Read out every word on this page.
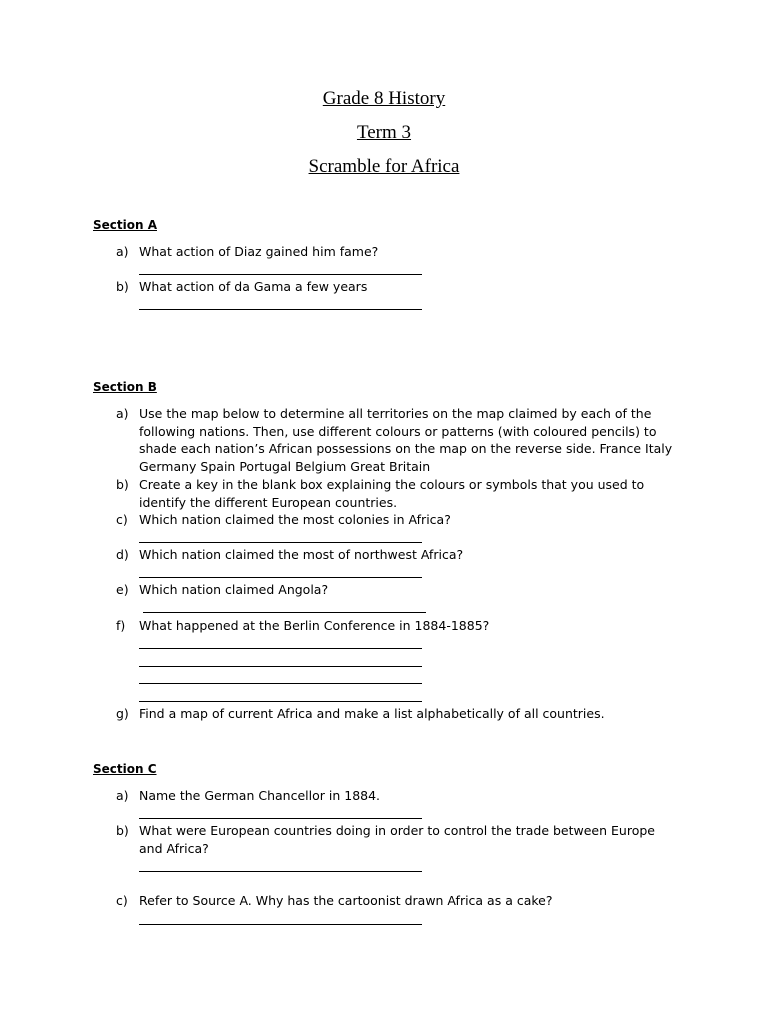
Grade 8 History
Term 3
Scramble for Africa
Section A
a) What action of Diaz gained him fame?
b) What action of da Gama a few years
Section B
a) Use the map below to determine all territories on the map claimed by each of the following nations. Then, use different colours or patterns (with coloured pencils) to shade each nation’s African possessions on the map on the reverse side. France Italy Germany Spain Portugal Belgium Great Britain
b) Create a key in the blank box explaining the colours or symbols that you used to identify the different European countries.
c) Which nation claimed the most colonies in Africa?
d) Which nation claimed the most of northwest Africa?
e) Which nation claimed Angola?
f) What happened at the Berlin Conference in 1884-1885?
g) Find a map of current Africa and make a list alphabetically of all countries.
Section C
a) Name the German Chancellor in 1884.
b) What were European countries doing in order to control the trade between Europe and Africa?
c) Refer to Source A. Why has the cartoonist drawn Africa as a cake?
